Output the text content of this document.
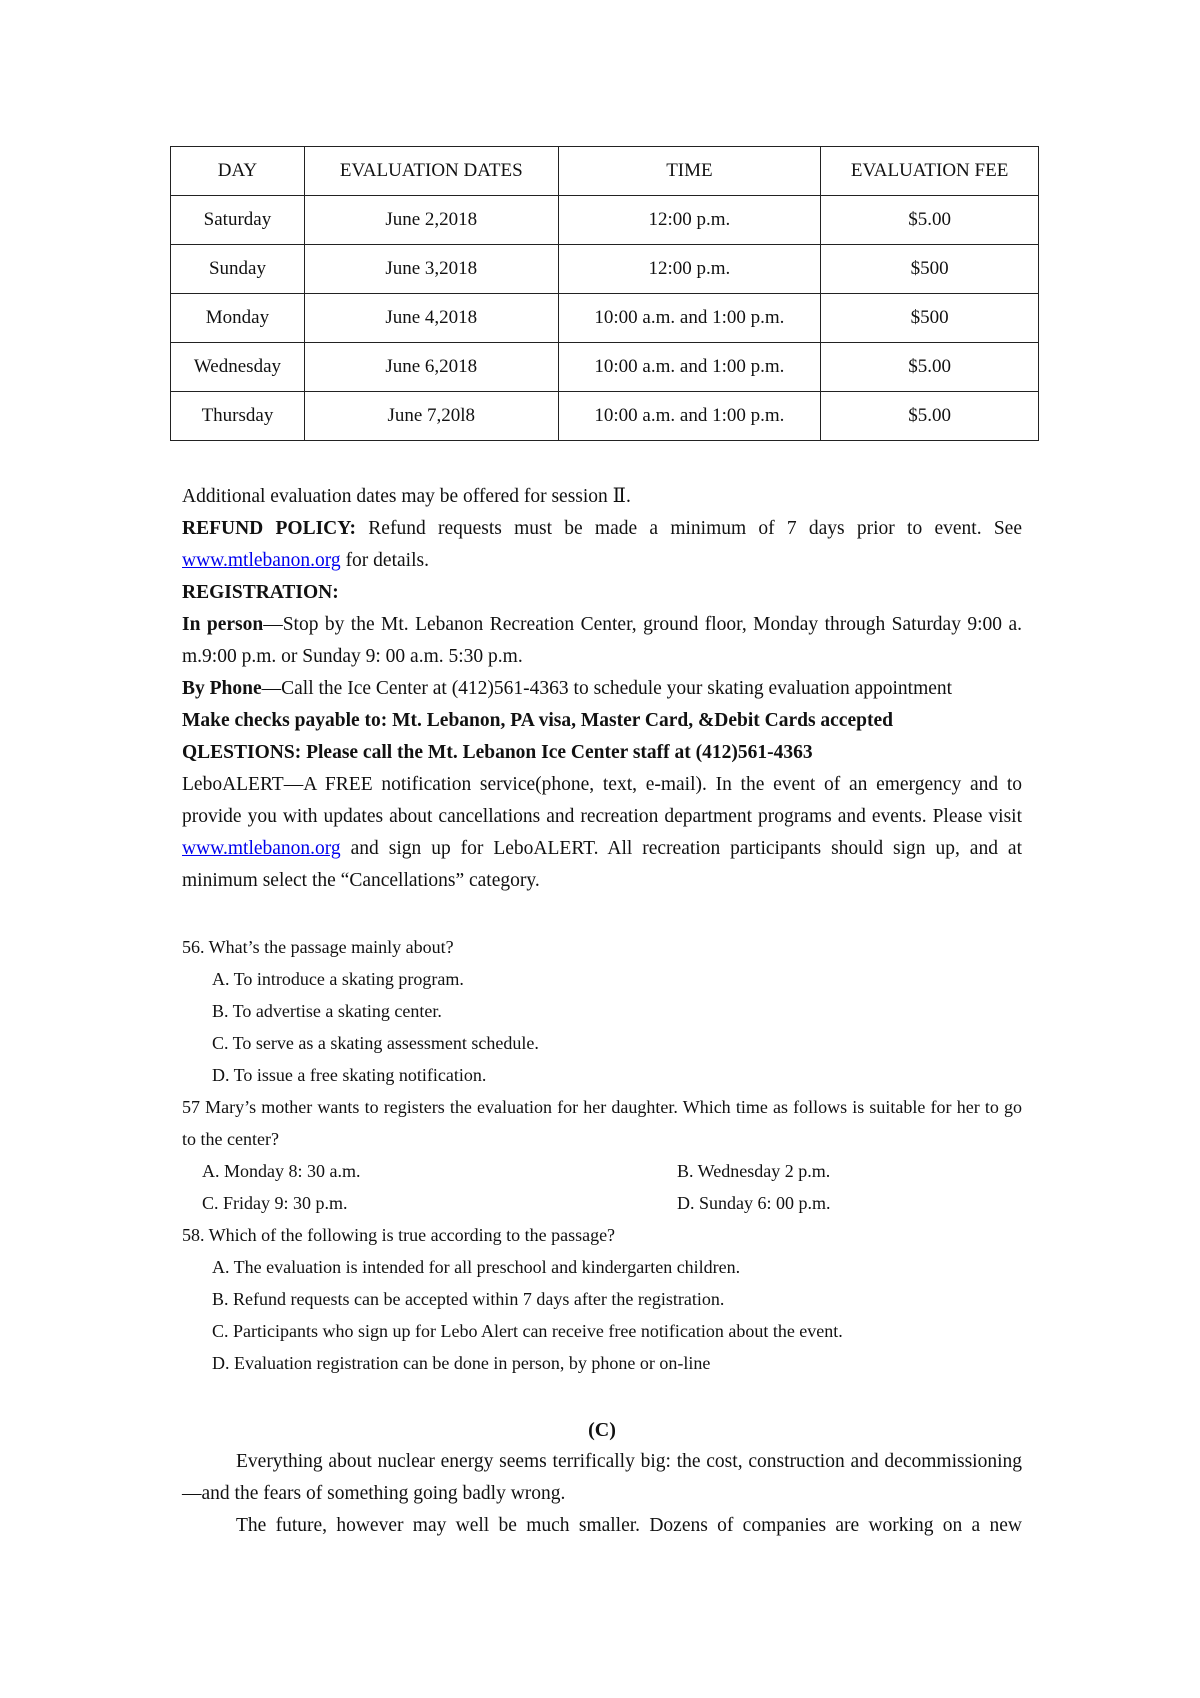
DAY	EVALUATION DATES	TIME	EVALUATION FEE
Saturday	June 2,2018	12:00 p.m.	$5.00
Sunday	June 3,2018	12:00 p.m.	$500
Monday	June 4,2018	10:00 a.m. and 1:00 p.m.	$500
Wednesday	June 6,2018	10:00 a.m. and 1:00 p.m.	$5.00
Thursday	June 7,20l8	10:00 a.m. and 1:00 p.m.	$5.00

Additional evaluation dates may be offered for session Ⅱ.

REFUND POLICY: Refund requests must be made a minimum of 7 days prior to event. See www.mtlebanon.org for details.

REGISTRATION:

In person—Stop by the Mt. Lebanon Recreation Center, ground floor, Monday through Saturday 9:00 a. m.9:00 p.m. or Sunday 9: 00 a.m. 5:30 p.m.

By Phone—Call the Ice Center at (412)561-4363 to schedule your skating evaluation appointment

Make checks payable to: Mt. Lebanon, PA visa, Master Card, &Debit Cards accepted

QLESTIONS: Please call the Mt. Lebanon Ice Center staff at (412)561-4363

LeboALERT—A FREE notification service(phone, text, e-mail). In the event of an emergency and to provide you with updates about cancellations and recreation department programs and events. Please visit www.mtlebanon.org and sign up for LeboALERT. All recreation participants should sign up, and at minimum select the “Cancellations” category.

56. What’s the passage mainly about?

A. To introduce a skating program.

B. To advertise a skating center.

C. To serve as a skating assessment schedule.

D. To issue a free skating notification.

57 Mary’s mother wants to registers the evaluation for her daughter. Which time as follows is suitable for her to go to the center?

A. Monday 8: 30 a.m.	B. Wednesday 2 p.m.
C. Friday 9: 30 p.m.	D. Sunday 6: 00 p.m.

58. Which of the following is true according to the passage?

A. The evaluation is intended for all preschool and kindergarten children.

B. Refund requests can be accepted within 7 days after the registration.

C. Participants who sign up for Lebo Alert can receive free notification about the event.

D. Evaluation registration can be done in person, by phone or on-line

(C)

Everything about nuclear energy seems terrifically big: the cost, construction and decommissioning—and the fears of something going badly wrong.

The future, however may well be much smaller. Dozens of companies are working on a new
